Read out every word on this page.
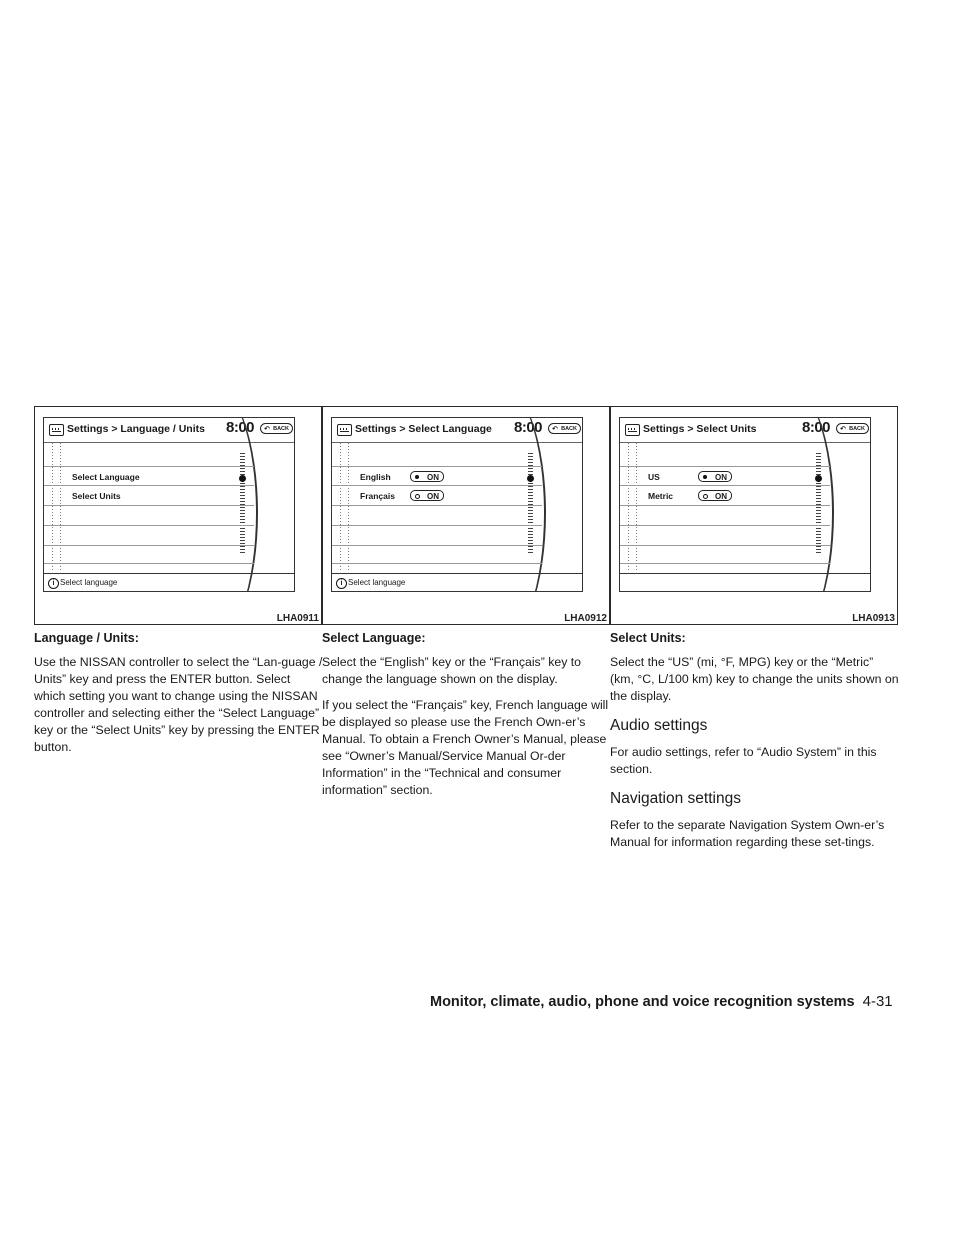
Settings > Language / Units 8:00 ↶ BACK
Select Language
Select Units
i Select language
LHA0911
Language / Units:

Use the NISSAN controller to select the “Lan-guage / Units” key and press the ENTER button. Select which setting you want to change using the NISSAN controller and selecting either the “Select Language” key or the “Select Units” key by pressing the ENTER button.

Settings > Select Language 8:00 ↶ BACK
English	ON
Français	ON
i Select language
LHA0912
Select Language:

Select the “English” key or the “Français” key to change the language shown on the display.

If you select the “Français” key, French language will be displayed so please use the French Own-er’s Manual. To obtain a French Owner’s Manual, please see “Owner’s Manual/Service Manual Or-der Information” in the “Technical and consumer information” section.

Settings > Select Units	8:00 ↶ BACK
US	ON
Metric	ON
LHA0913
Select Units:

Select the “US” (mi, °F, MPG) key or the “Metric” (km, °C, L/100 km) key to change the units shown on the display.

Audio settings

For audio settings, refer to “Audio System” in this section.

Navigation settings

Refer to the separate Navigation System Own-er’s Manual for information regarding these set-tings.

Monitor, climate, audio, phone and voice recognition systems 4-31
